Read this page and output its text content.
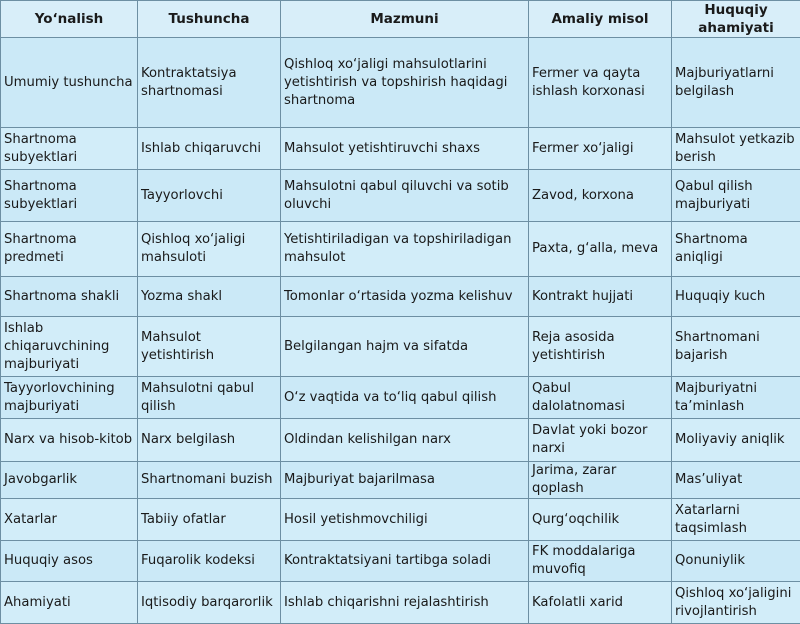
Yo‘nalish	Tushuncha	Mazmuni	Amaliy misol	Huquqiy ahamiyati
Umumiy tushuncha	Kontraktatsiya shartnomasi	Qishloq xo‘jaligi mahsulotlarini yetishtirish va topshirish haqidagi shartnoma	Fermer va qayta ishlash korxonasi	Majburiyatlarni belgilash
Shartnoma subyektlari	Ishlab chiqaruvchi	Mahsulot yetishtiruvchi shaxs	Fermer xo‘jaligi	Mahsulot yetkazib berish
Shartnoma subyektlari	Tayyorlovchi	Mahsulotni qabul qiluvchi va sotib oluvchi	Zavod, korxona	Qabul qilish majburiyati
Shartnoma predmeti	Qishloq xo‘jaligi mahsuloti	Yetishtiriladigan va topshiriladigan mahsulot	Paxta, g‘alla, meva	Shartnoma aniqligi
Shartnoma shakli	Yozma shakl	Tomonlar o‘rtasida yozma kelishuv	Kontrakt hujjati	Huquqiy kuch
Ishlab chiqaruvchining majburiyati	Mahsulot yetishtirish	Belgilangan hajm va sifatda	Reja asosida yetishtirish	Shartnomani bajarish
Tayyorlovchining majburiyati	Mahsulotni qabul qilish	O‘z vaqtida va to‘liq qabul qilish	Qabul dalolatnomasi	Majburiyatni ta’minlash
Narx va hisob-kitob	Narx belgilash	Oldindan kelishilgan narx	Davlat yoki bozor narxi	Moliyaviy aniqlik
Javobgarlik	Shartnomani buzish	Majburiyat bajarilmasa	Jarima, zarar qoplash	Mas’uliyat
Xatarlar	Tabiiy ofatlar	Hosil yetishmovchiligi	Qurg‘oqchilik	Xatarlarni taqsimlash
Huquqiy asos	Fuqarolik kodeksi	Kontraktatsiyani tartibga soladi	FK moddalariga muvofiq	Qonuniylik
Ahamiyati	Iqtisodiy barqarorlik	Ishlab chiqarishni rejalashtirish	Kafolatli xarid	Qishloq xo‘jaligini rivojlantirish
